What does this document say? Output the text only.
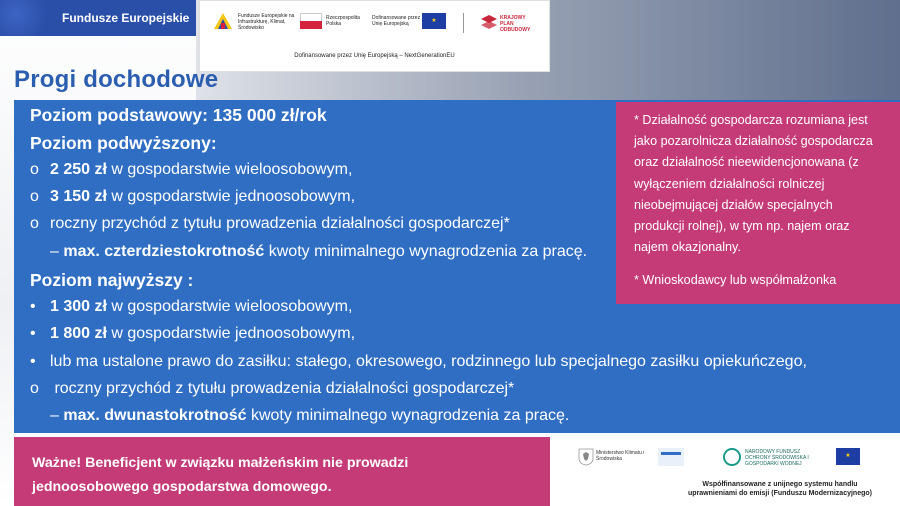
Fundusze Europejskie	Fundusze Europejskie na Infrastrukturę, Klimat, Środowisko
Rzeczpospolita Polska
Dofinansowane przez Unię Europejską	★	KRAJOWY PLAN ODBUDOWY
Dofinansowane przez Unię Europejską – NextGenerationEU
Progi dochodowe
Poziom podstawowy: 135 000 zł/rok
Poziom podwyższony:
o 2 250 zł w gospodarstwie wieloosobowym,
o 3 150 zł w gospodarstwie jednoosobowym,
o roczny przychód z tytułu prowadzenia działalności gospodarczej*
– max. czterdziestokrotność kwoty minimalnego wynagrodzenia za pracę.
Poziom najwyższy :
• 1 300 zł w gospodarstwie wieloosobowym,
• 1 800 zł w gospodarstwie jednoosobowym,
• lub ma ustalone prawo do zasiłku: stałego, okresowego, rodzinnego lub specjalnego zasiłku opiekuńczego,
o roczny przychód z tytułu prowadzenia działalności gospodarczej*
– max. dwunastokrotność kwoty minimalnego wynagrodzenia za pracę.
* Działalność gospodarcza rozumiana jest jako pozarolnicza działalność gospodarcza oraz działalność nieewidencjonowana (z wyłączeniem działalności rolniczej nieobejmującej działów specjalnych produkcji rolnej), w tym np. najem oraz najem okazjonalny.
* Wnioskodawcy lub współmałżonka
Ważne! Beneficjent w związku małżeńskim nie prowadzi
jednoosobowego gospodarstwa domowego.
Ministerstwo Klimatu i Środowiska
NARODOWY FUNDUSZ OCHRONY ŚRODOWISKA I GOSPODARKI WODNEJ
★
Współfinansowane z unijnego systemu handlu
uprawnieniami do emisji (Funduszu Modernizacyjnego)
